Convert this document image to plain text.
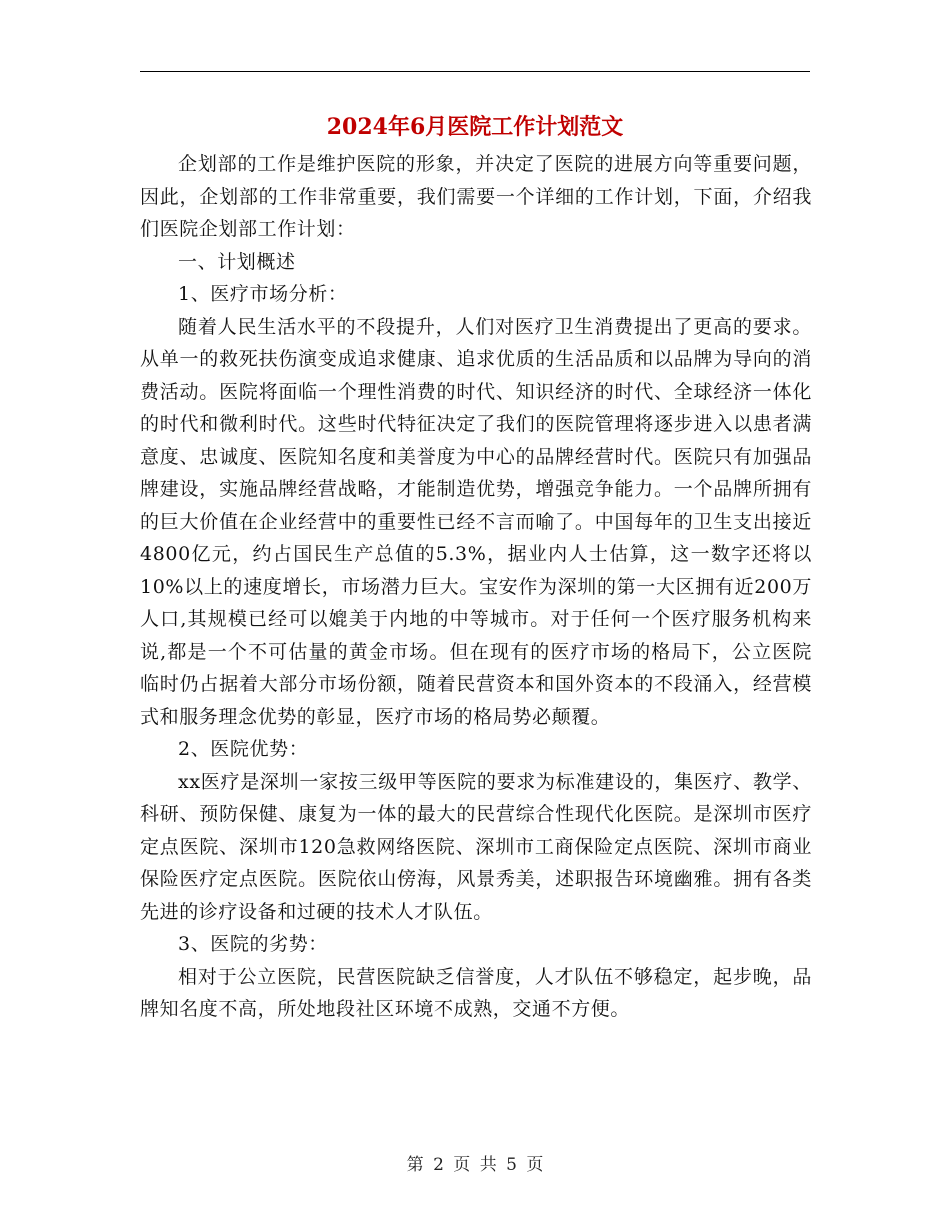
2024年6月医院工作计划范文

企划部的工作是维护医院的形象，并决定了医院的进展方向等重要问题，因此，企划部的工作非常重要，我们需要一个详细的工作计划，下面，介绍我们医院企划部工作计划：

一、计划概述

1、医疗市场分析：

随着人民生活水平的不段提升，人们对医疗卫生消费提出了更高的要求。从单一的救死扶伤演变成追求健康、追求优质的生活品质和以品牌为导向的消费活动。医院将面临一个理性消费的时代、知识经济的时代、全球经济一体化的时代和微利时代。这些时代特征决定了我们的医院管理将逐步进入以患者满意度、忠诚度、医院知名度和美誉度为中心的品牌经营时代。医院只有加强品牌建设，实施品牌经营战略，才能制造优势，增强竞争能力。一个品牌所拥有的巨大价值在企业经营中的重要性已经不言而喻了。中国每年的卫生支出接近4800亿元，约占国民生产总值的5.3%，据业内人士估算，这一数字还将以10%以上的速度增长，市场潜力巨大。宝安作为深圳的第一大区拥有近200万人口,其规模已经可以媲美于内地的中等城市。对于任何一个医疗服务机构来说,都是一个不可估量的黄金市场。但在现有的医疗市场的格局下，公立医院临时仍占据着大部分市场份额，随着民营资本和国外资本的不段涌入，经营模式和服务理念优势的彰显，医疗市场的格局势必颠覆。

2、医院优势：

xx医疗是深圳一家按三级甲等医院的要求为标准建设的，集医疗、教学、科研、预防保健、康复为一体的最大的民营综合性现代化医院。是深圳市医疗定点医院、深圳市120急救网络医院、深圳市工商保险定点医院、深圳市商业保险医疗定点医院。医院依山傍海，风景秀美，述职报告环境幽雅。拥有各类先进的诊疗设备和过硬的技术人才队伍。

3、医院的劣势：

相对于公立医院，民营医院缺乏信誉度，人才队伍不够稳定，起步晚，品牌知名度不高，所处地段社区环境不成熟，交通不方便。

第 2 页 共 5 页
